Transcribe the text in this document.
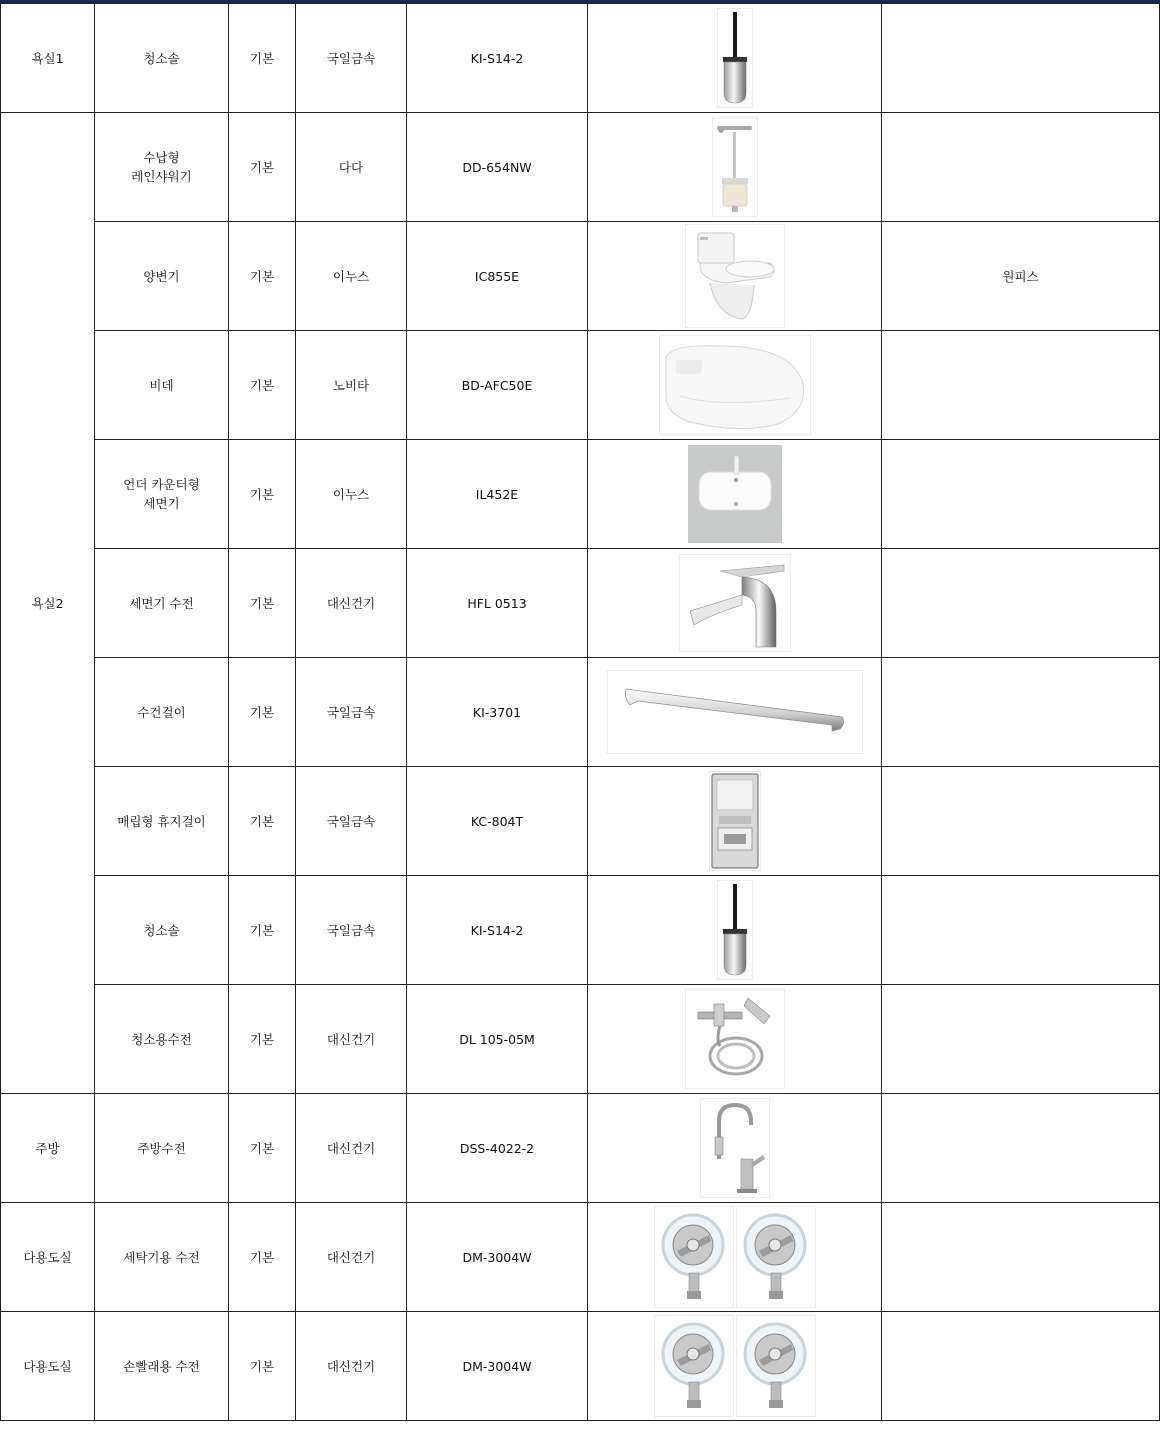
욕실1	청소솔	기본	국일금속	KI-S14-2	

욕실2	수납형
레인샤워기	기본	다다	DD-654NW	

	양변기	기본	이누스	IC855E		원피스
	비데	기본	노비타	BD-AFC50E	

	언더 카운터형
세면기	기본	이누스	IL452E	

	세면기 수전	기본	대신건기	HFL 0513	

	수건걸이	기본	국일금속	KI-3701	

	매립형 휴지걸이	기본	국일금속	KC-804T	

	청소솔	기본	국일금속	KI-S14-2	

	청소용수전	기본	대신건기	DL 105-05M	

주방	주방수전	기본	대신건기	DSS-4022-2	

다용도실	세탁기용 수전	기본	대신건기	DM-3004W	

다용도실	손빨래용 수전	기본	대신건기	DM-3004W	
